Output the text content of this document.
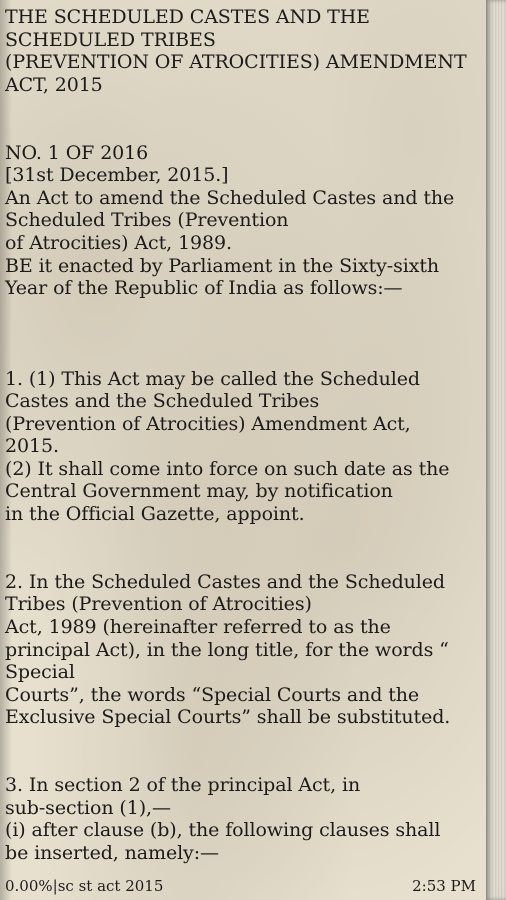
THE SCHEDULED CASTES AND THE
SCHEDULED TRIBES
(PREVENTION OF ATROCITIES) AMENDMENT
ACT, 2015
NO. 1 OF 2016
[31st December, 2015.]
An Act to amend the Scheduled Castes and the
Scheduled Tribes (Prevention
of Atrocities) Act, 1989.
BE it enacted by Parliament in the Sixty-sixth
Year of the Republic of India as follows:—
1. (1) This Act may be called the Scheduled
Castes and the Scheduled Tribes
(Prevention of Atrocities) Amendment Act,
2015.
(2) It shall come into force on such date as the
Central Government may, by notification
in the Official Gazette, appoint.
2. In the Scheduled Castes and the Scheduled
Tribes (Prevention of Atrocities)
Act, 1989 (hereinafter referred to as the
principal Act), in the long title, for the words “
Special
Courts”, the words “Special Courts and the
Exclusive Special Courts” shall be substituted.
3. In section 2 of the principal Act, in
sub-section (1),—
(i) after clause (b), the following clauses shall
be inserted, namely:—
0.00%|sc st act 2015	2:53 PM
